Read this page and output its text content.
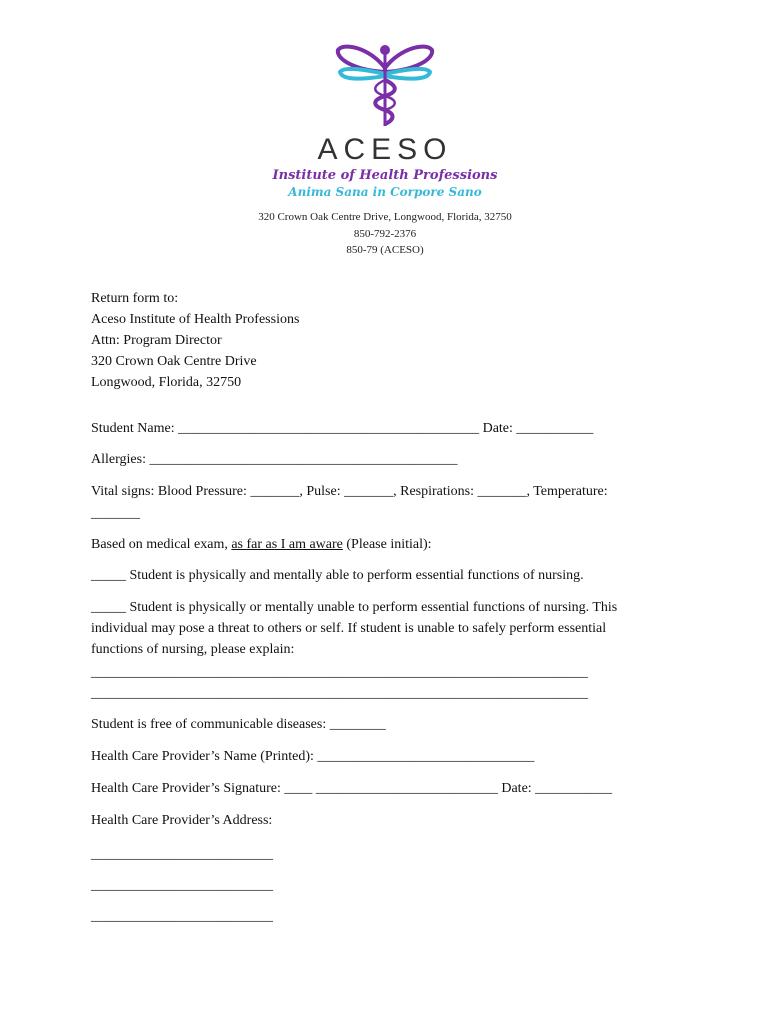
ACESO
Institute of Health Professions
Anima Sana in Corpore Sano
320 Crown Oak Centre Drive, Longwood, Florida, 32750
850-792-2376
850-79 (ACESO)
Return form to:
Aceso Institute of Health Professions
Attn: Program Director
320 Crown Oak Centre Drive
Longwood, Florida, 32750
Student Name: ___________________________________________ Date: ___________
Allergies: ____________________________________________
Vital signs: Blood Pressure: _______, Pulse: _______, Respirations: _______, Temperature:
_______
Based on medical exam, as far as I am aware (Please initial):
_____ Student is physically and mentally able to perform essential functions of nursing.
_____ Student is physically or mentally unable to perform essential functions of nursing. This individual may pose a threat to others or self. If student is unable to safely perform essential functions of nursing, please explain:
_______________________________________________________________________
_______________________________________________________________________
Student is free of communicable diseases: ________
Health Care Provider’s Name (Printed): _______________________________
Health Care Provider’s Signature: ____ __________________________ Date: ___________
Health Care Provider’s Address:
__________________________
__________________________
__________________________
